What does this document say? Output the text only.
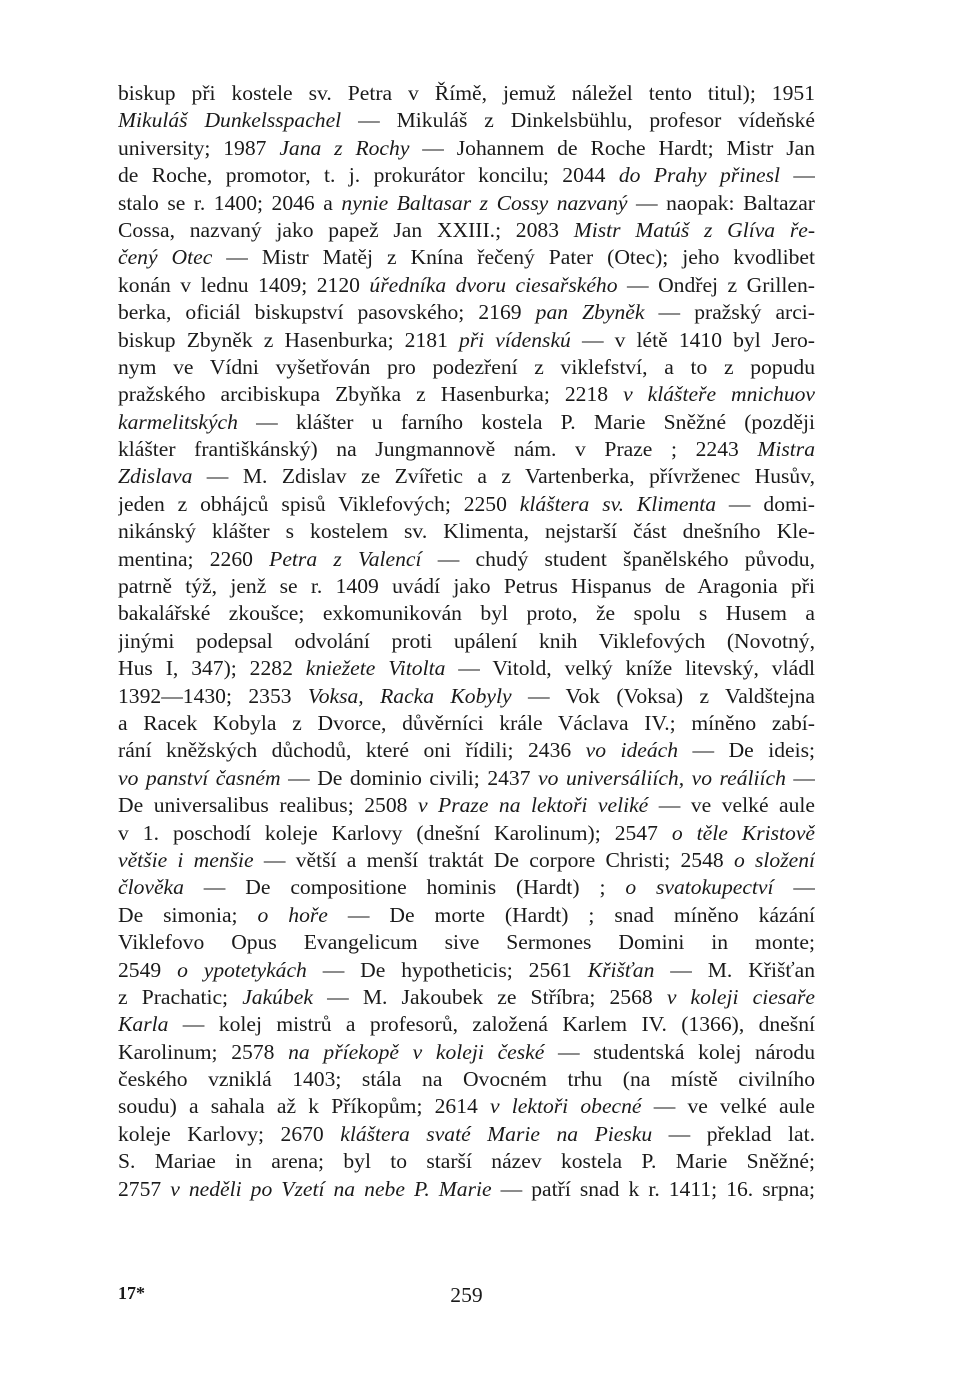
biskup při kostele sv. Petra v Římě, jemuž náležel tento titul); 1951
Mikuláš Dunkelsspachel — Mikuláš z Dinkelsbühlu, profesor vídeňské
university; 1987 Jana z Rochy — Johannem de Roche Hardt; Mistr Jan
de Roche, promotor, t. j. prokurátor koncilu; 2044 do Prahy přinesl —
stalo se r. 1400; 2046 a nynie Baltasar z Cossy nazvaný — naopak: Baltazar
Cossa, nazvaný jako papež Jan XXIII.; 2083 Mistr Matúš z Glíva ře-
čený Otec — Mistr Matěj z Knína řečený Pater (Otec); jeho kvodlibet
konán v lednu 1409; 2120 úředníka dvoru ciesařského — Ondřej z Grillen-
berka, oficiál biskupství pasovského; 2169 pan Zbyněk — pražský arci-
biskup Zbyněk z Hasenburka; 2181 při vídenskú — v létě 1410 byl Jero-
nym ve Vídni vyšetřován pro podezření z viklefství, a to z popudu
pražského arcibiskupa Zbyňka z Hasenburka; 2218 v klášteře mnichuov
karmelitských — klášter u farního kostela P. Marie Sněžné (později
klášter františkánský) na Jungmannově nám. v Praze ; 2243 Mistra
Zdislava — M. Zdislav ze Zvířetic a z Vartenberka, přívrženec Husův,
jeden z obhájců spisů Viklefových; 2250 kláštera sv. Klimenta — domi-
nikánský klášter s kostelem sv. Klimenta, nejstarší část dnešního Kle-
mentina; 2260 Petra z Valencí — chudý student španělského původu,
patrně týž, jenž se r. 1409 uvádí jako Petrus Hispanus de Aragonia při
bakalářské zkoušce; exkomunikován byl proto, že spolu s Husem a
jinými podepsal odvolání proti upálení knih Viklefových (Novotný,
Hus I, 347); 2282 kniežete Vitolta — Vitold, velký kníže litevský, vládl
1392—1430; 2353 Voksa, Racka Kobyly — Vok (Voksa) z Valdštejna
a Racek Kobyla z Dvorce, důvěrníci krále Václava IV.; míněno zabí-
rání kněžských důchodů, které oni řídili; 2436 vo ideách — De ideis;
vo panství časném — De dominio civili; 2437 vo universáliích, vo reáliích —
De universalibus realibus; 2508 v Praze na lektoři veliké — ve velké aule
v 1. poschodí koleje Karlovy (dnešní Karolinum); 2547 o těle Kristově
většie i menšie — větší a menší traktát De corpore Christi; 2548 o složení
člověka — De compositione hominis (Hardt) ; o svatokupectví —
De simonia; o hoře — De morte (Hardt) ; snad míněno kázání
Viklefovo Opus Evangelicum sive Sermones Domini in monte;
2549 o ypotetykách — De hypotheticis; 2561 Křišťan — M. Křišťan
z Prachatic; Jakúbek — M. Jakoubek ze Stříbra; 2568 v koleji ciesaře
Karla — kolej mistrů a profesorů, založená Karlem IV. (1366), dnešní
Karolinum; 2578 na příekopě v koleji české — studentská kolej národu
českého vzniklá 1403; stála na Ovocném trhu (na místě civilního
soudu) a sahala až k Příkopům; 2614 v lektoři obecné — ve velké aule
koleje Karlovy; 2670 kláštera svaté Marie na Piesku — překlad lat.
S. Mariae in arena; byl to starší název kostela P. Marie Sněžné;
2757 v neděli po Vzetí na nebe P. Marie — patří snad k r. 1411; 16. srpna;
17*	259
